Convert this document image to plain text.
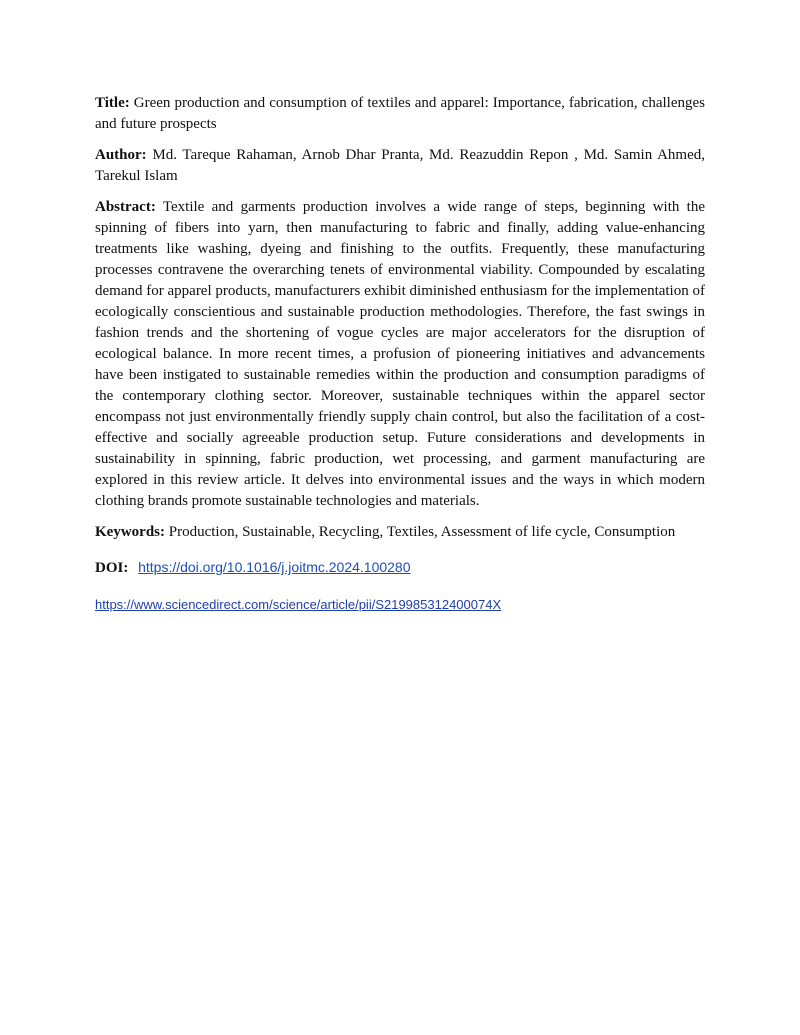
Title: Green production and consumption of textiles and apparel: Importance, fabrication, challenges and future prospects

Author: Md. Tareque Rahaman, Arnob Dhar Pranta, Md. Reazuddin Repon , Md. Samin Ahmed, Tarekul Islam

Abstract: Textile and garments production involves a wide range of steps, beginning with the spinning of fibers into yarn, then manufacturing to fabric and finally, adding value-enhancing treatments like washing, dyeing and finishing to the outfits. Frequently, these manufacturing processes contravene the overarching tenets of environmental viability. Compounded by escalating demand for apparel products, manufacturers exhibit diminished enthusiasm for the implementation of ecologically conscientious and sustainable production methodologies. Therefore, the fast swings in fashion trends and the shortening of vogue cycles are major accelerators for the disruption of ecological balance. In more recent times, a profusion of pioneering initiatives and advancements have been instigated to sustainable remedies within the production and consumption paradigms of the contemporary clothing sector. Moreover, sustainable techniques within the apparel sector encompass not just environmentally friendly supply chain control, but also the facilitation of a cost-effective and socially agreeable production setup. Future considerations and developments in sustainability in spinning, fabric production, wet processing, and garment manufacturing are explored in this review article. It delves into environmental issues and the ways in which modern clothing brands promote sustainable technologies and materials.

Keywords: Production, Sustainable, Recycling, Textiles, Assessment of life cycle, Consumption

DOI: https://doi.org/10.1016/j.joitmc.2024.100280

https://www.sciencedirect.com/science/article/pii/S219985312400074X
